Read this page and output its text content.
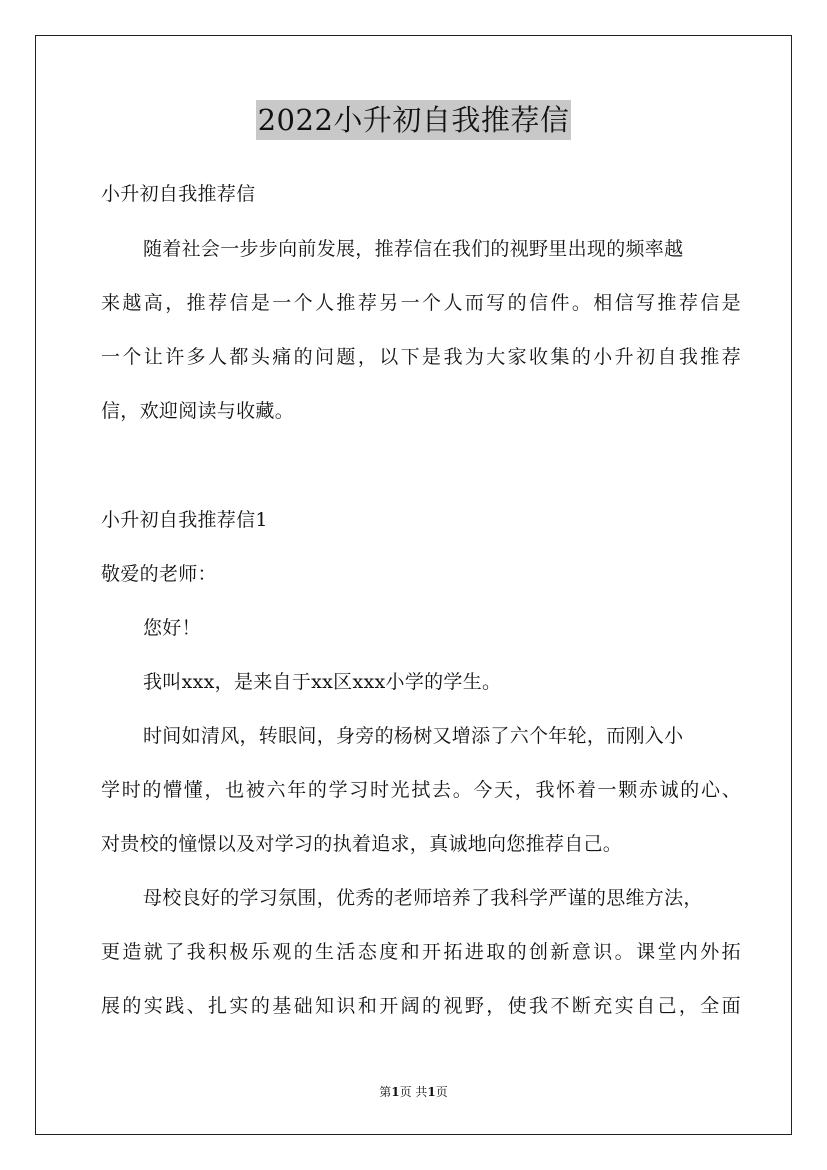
2022小升初自我推荐信
小升初自我推荐信
随着社会一步步向前发展，推荐信在我们的视野里出现的频率越
来越高，推荐信是一个人推荐另一个人而写的信件。相信写推荐信是
一个让许多人都头痛的问题，以下是我为大家收集的小升初自我推荐
信，欢迎阅读与收藏。
小升初自我推荐信1
敬爱的老师：
您好！
我叫xxx，是来自于xx区xxx小学的学生。
时间如清风，转眼间，身旁的杨树又增添了六个年轮，而刚入小
学时的懵懂，也被六年的学习时光拭去。今天，我怀着一颗赤诚的心、
对贵校的憧憬以及对学习的执着追求，真诚地向您推荐自己。
母校良好的学习氛围，优秀的老师培养了我科学严谨的思维方法，
更造就了我积极乐观的生活态度和开拓进取的创新意识。课堂内外拓
展的实践、扎实的基础知识和开阔的视野，使我不断充实自己，全面
第1页 共1页
